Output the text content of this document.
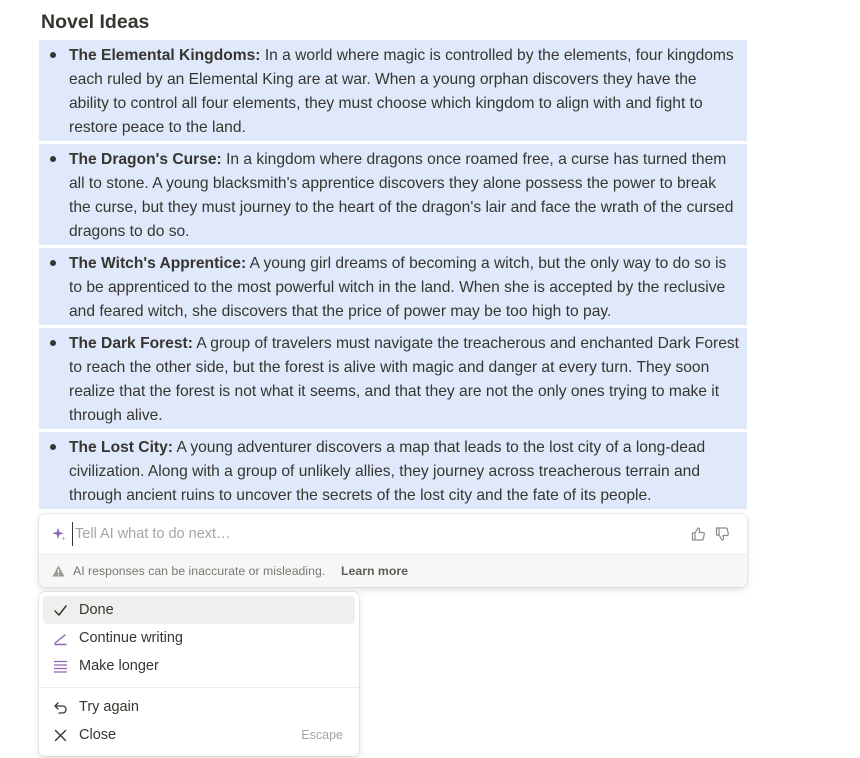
Novel Ideas
The Elemental Kingdoms: In a world where magic is controlled by the elements, four kingdoms each ruled by an Elemental King are at war. When a young orphan discovers they have the ability to control all four elements, they must choose which kingdom to align with and fight to restore peace to the land.
The Dragon's Curse: In a kingdom where dragons once roamed free, a curse has turned them all to stone. A young blacksmith's apprentice discovers they alone possess the power to break the curse, but they must journey to the heart of the dragon's lair and face the wrath of the cursed dragons to do so.
The Witch's Apprentice: A young girl dreams of becoming a witch, but the only way to do so is to be apprenticed to the most powerful witch in the land. When she is accepted by the reclusive and feared witch, she discovers that the price of power may be too high to pay.
The Dark Forest: A group of travelers must navigate the treacherous and enchanted Dark Forest to reach the other side, but the forest is alive with magic and danger at every turn. They soon realize that the forest is not what it seems, and that they are not the only ones trying to make it through alive.
The Lost City: A young adventurer discovers a map that leads to the lost city of a long-dead civilization. Along with a group of unlikely allies, they journey across treacherous terrain and through ancient ruins to uncover the secrets of the lost city and the fate of its people.
Tell AI what to do next…
AI responses can be inaccurate or misleading. Learn more
Done
Continue writing
Make longer
Try again
Close	Escape
